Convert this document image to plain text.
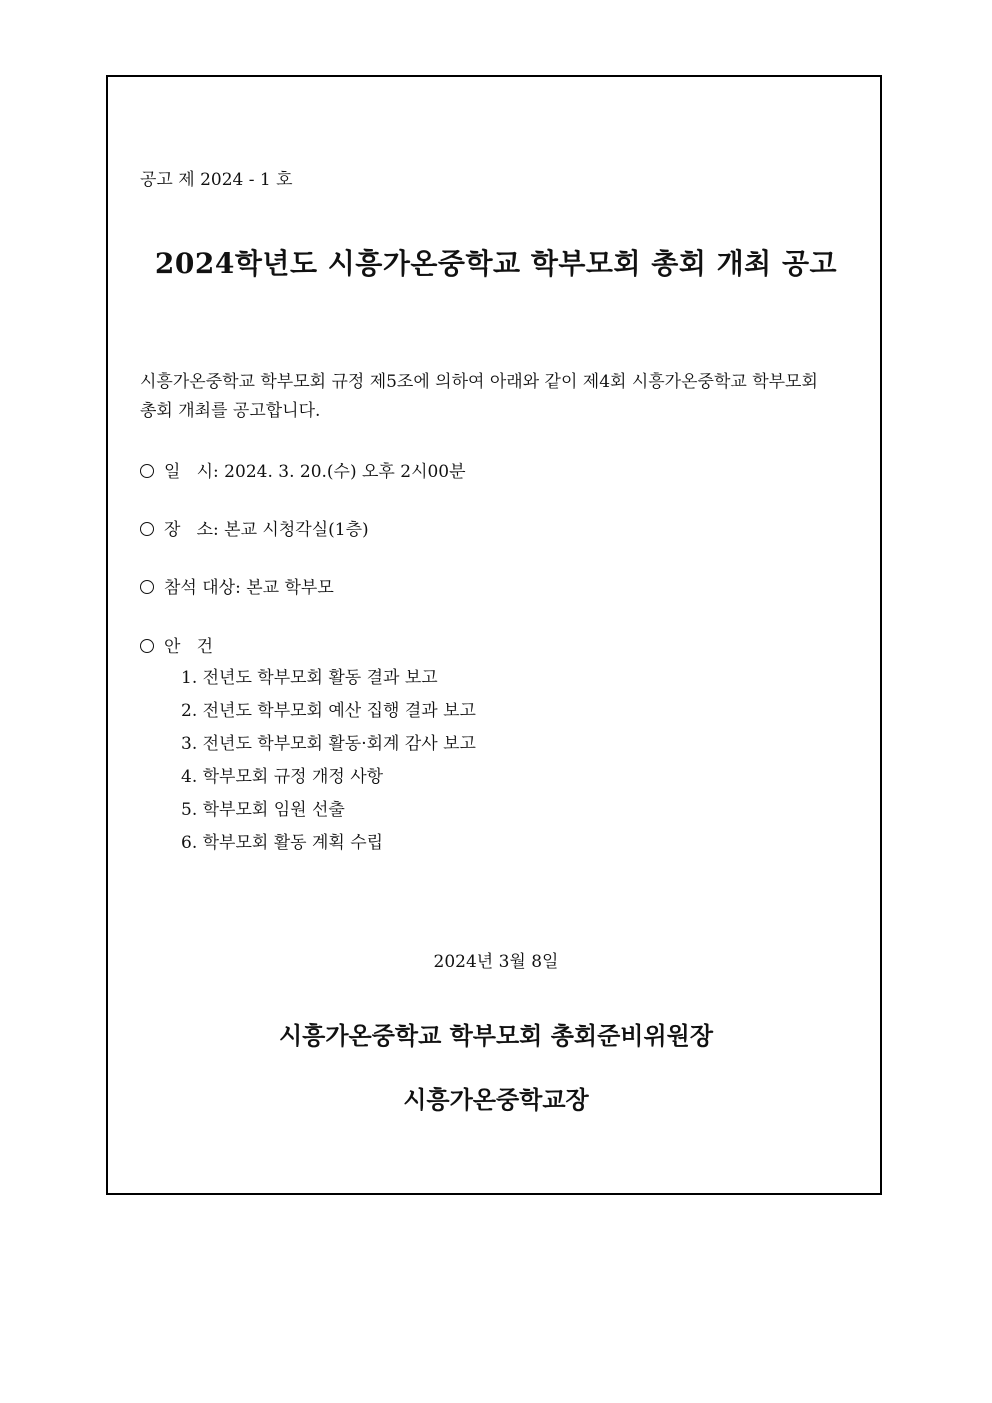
공고 제 2024 - 1 호
2024학년도 시흥가온중학교 학부모회 총회 개최 공고
시흥가온중학교 학부모회 규정 제5조에 의하여 아래와 같이 제4회 시흥가온중학교 학부모회
총회 개최를 공고합니다.
일   시: 2024. 3. 20.(수) 오후 2시00분
장   소: 본교 시청각실(1층)
참석 대상: 본교 학부모
안   건
1. 전년도 학부모회 활동 결과 보고
2. 전년도 학부모회 예산 집행 결과 보고
3. 전년도 학부모회 활동·회계 감사 보고
4. 학부모회 규정 개정 사항
5. 학부모회 임원 선출
6. 학부모회 활동 계획 수립
2024년 3월 8일
시흥가온중학교 학부모회 총회준비위원장
시흥가온중학교장
